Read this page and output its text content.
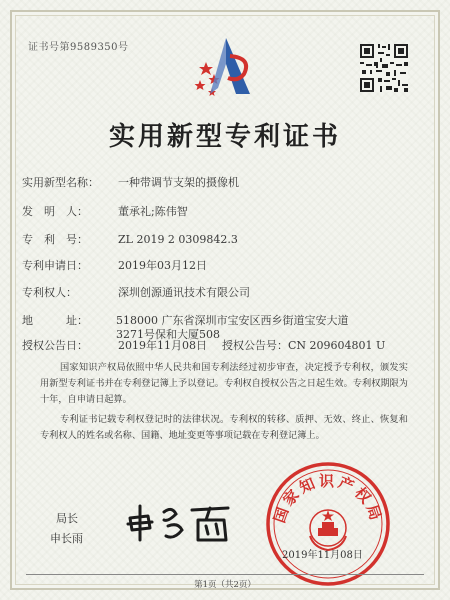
证书号第9589350号
实用新型专利证书
实用新型名称： 一种带调节支架的摄像机
发　明　人：	董承礼;陈伟智
专　利　号：	ZL 2019 2 0309842.3
专利申请日：	2019年03月12日
专利权人：	深圳创源通讯技术有限公司
地　　　址：	518000 广东省深圳市宝安区西乡街道宝安大道3271号保和大厦508
授权公告日：	2019年11月08日	授权公告号： CN 209604801 U
国家知识产权局依照中华人民共和国专利法经过初步审查，决定授予专利权，颁发实用新型专利证书并在专利登记簿上予以登记。专利权自授权公告之日起生效。专利权期限为十年，自申请日起算。
专利证书记载专利权登记时的法律状况。专利权的转移、质押、无效、终止、恢复和专利权人的姓名或名称、国籍、地址变更等事项记载在专利登记簿上。
国家知识产权局
局长
申长雨
2019年11月08日
第1页（共2页）
